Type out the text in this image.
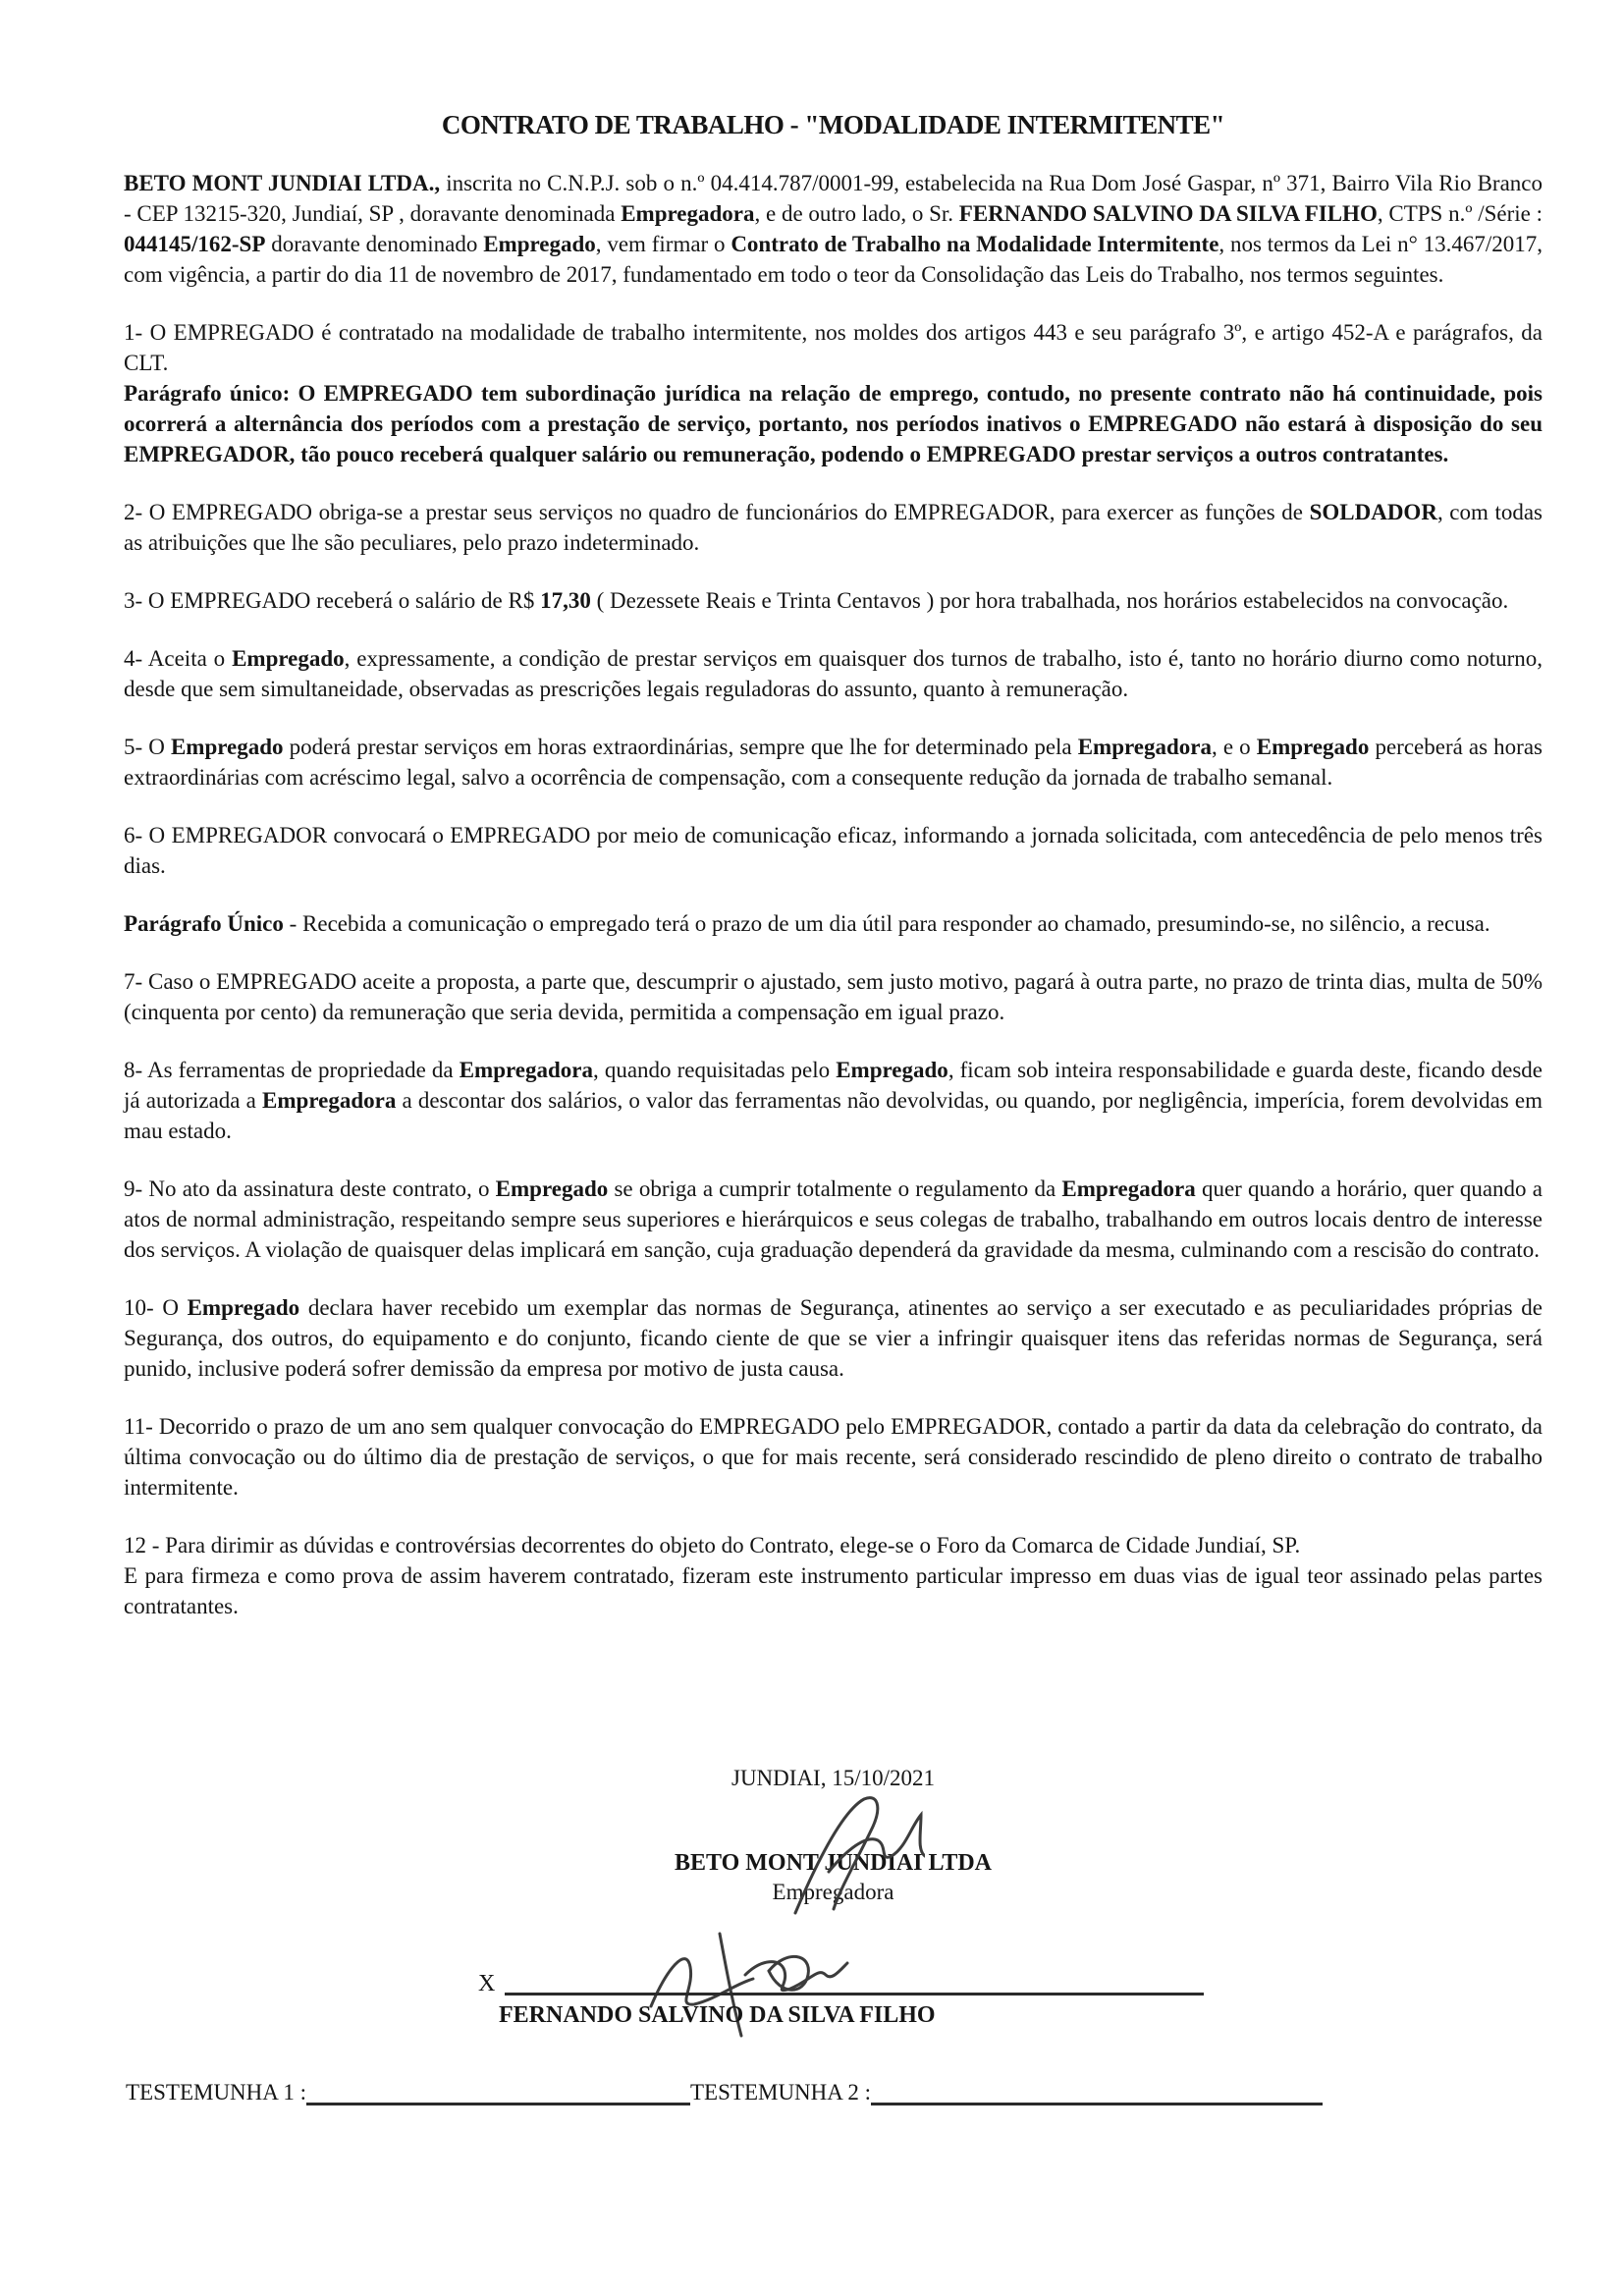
CONTRATO DE TRABALHO - "MODALIDADE INTERMITENTE"

BETO MONT JUNDIAI LTDA., inscrita no C.N.P.J. sob o n.º 04.414.787/0001-99, estabelecida na Rua Dom José Gaspar, nº 371, Bairro Vila Rio Branco - CEP 13215-320, Jundiaí, SP , doravante denominada Empregadora, e de outro lado, o Sr. FERNANDO SALVINO DA SILVA FILHO, CTPS n.º /Série : 044145/162-SP doravante denominado Empregado, vem firmar o Contrato de Trabalho na Modalidade Intermitente, nos termos da Lei n° 13.467/2017, com vigência, a partir do dia 11 de novembro de 2017, fundamentado em todo o teor da Consolidação das Leis do Trabalho, nos termos seguintes.

1- O EMPREGADO é contratado na modalidade de trabalho intermitente, nos moldes dos artigos 443 e seu parágrafo 3º, e artigo 452-A e parágrafos, da CLT.

Parágrafo único: O EMPREGADO tem subordinação jurídica na relação de emprego, contudo, no presente contrato não há continuidade, pois ocorrerá a alternância dos períodos com a prestação de serviço, portanto, nos períodos inativos o EMPREGADO não estará à disposição do seu EMPREGADOR, tão pouco receberá qualquer salário ou remuneração, podendo o EMPREGADO prestar serviços a outros contratantes.

2- O EMPREGADO obriga-se a prestar seus serviços no quadro de funcionários do EMPREGADOR, para exercer as funções de SOLDADOR, com todas as atribuições que lhe são peculiares, pelo prazo indeterminado.

3- O EMPREGADO receberá o salário de R$ 17,30 ( Dezessete Reais e Trinta Centavos ) por hora trabalhada, nos horários estabelecidos na convocação.

4- Aceita o Empregado, expressamente, a condição de prestar serviços em quaisquer dos turnos de trabalho, isto é, tanto no horário diurno como noturno, desde que sem simultaneidade, observadas as prescrições legais reguladoras do assunto, quanto à remuneração.

5- O Empregado poderá prestar serviços em horas extraordinárias, sempre que lhe for determinado pela Empregadora, e o Empregado perceberá as horas extraordinárias com acréscimo legal, salvo a ocorrência de compensação, com a consequente redução da jornada de trabalho semanal.

6- O EMPREGADOR convocará o EMPREGADO por meio de comunicação eficaz, informando a jornada solicitada, com antecedência de pelo menos três dias.

Parágrafo Único - Recebida a comunicação o empregado terá o prazo de um dia útil para responder ao chamado, presumindo-se, no silêncio, a recusa.

7- Caso o EMPREGADO aceite a proposta, a parte que, descumprir o ajustado, sem justo motivo, pagará à outra parte, no prazo de trinta dias, multa de 50% (cinquenta por cento) da remuneração que seria devida, permitida a compensação em igual prazo.

8- As ferramentas de propriedade da Empregadora, quando requisitadas pelo Empregado, ficam sob inteira responsabilidade e guarda deste, ficando desde já autorizada a Empregadora a descontar dos salários, o valor das ferramentas não devolvidas, ou quando, por negligência, imperícia, forem devolvidas em mau estado.

9- No ato da assinatura deste contrato, o Empregado se obriga a cumprir totalmente o regulamento da Empregadora quer quando a horário, quer quando a atos de normal administração, respeitando sempre seus superiores e hierárquicos e seus colegas de trabalho, trabalhando em outros locais dentro de interesse dos serviços. A violação de quaisquer delas implicará em sanção, cuja graduação dependerá da gravidade da mesma, culminando com a rescisão do contrato.

10- O Empregado declara haver recebido um exemplar das normas de Segurança, atinentes ao serviço a ser executado e as peculiaridades próprias de Segurança, dos outros, do equipamento e do conjunto, ficando ciente de que se vier a infringir quaisquer itens das referidas normas de Segurança, será punido, inclusive poderá sofrer demissão da empresa por motivo de justa causa.

11- Decorrido o prazo de um ano sem qualquer convocação do EMPREGADO pelo EMPREGADOR, contado a partir da data da celebração do contrato, da última convocação ou do último dia de prestação de serviços, o que for mais recente, será considerado rescindido de pleno direito o contrato de trabalho intermitente.

12 - Para dirimir as dúvidas e controvérsias decorrentes do objeto do Contrato, elege-se o Foro da Comarca de Cidade Jundiaí, SP.

E para firmeza e como prova de assim haverem contratado, fizeram este instrumento particular impresso em duas vias de igual teor assinado pelas partes contratantes.

JUNDIAI, 15/10/2021
BETO MONT JUNDIAI LTDA
Empregadora
X
FERNANDO SALVINO DA SILVA FILHO
TESTEMUNHA 1 :	TESTEMUNHA 2 :
